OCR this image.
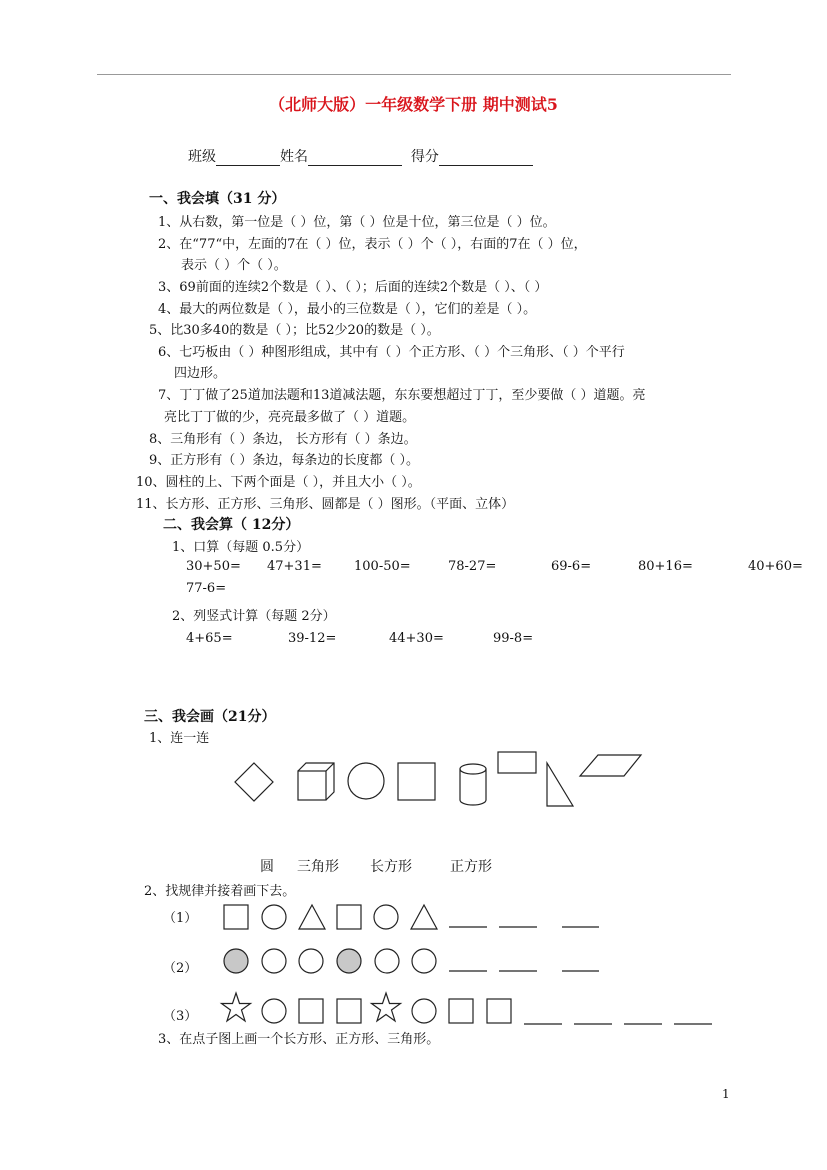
（北师大版）一年级数学下册 期中测试5
班级	姓名	得分
一、我会填（31 分）
1、从右数，第一位是（ ）位，第（ ）位是十位，第三位是（ ）位。
2、在“77“中，左面的7在（ ）位，表示（ ）个（ ），右面的7在（ ）位，
表示（ ）个（ ）。
3、69前面的连续2个数是（ ）、（ ）；后面的连续2个数是（ ）、（ ）
4、最大的两位数是（ ），最小的三位数是（ ），它们的差是（ ）。
5、比30多40的数是（ ）；比52少20的数是（ ）。
6、七巧板由（ ）种图形组成，其中有（ ）个正方形、（ ）个三角形、（ ）个平行
四边形。
7、丁丁做了25道加法题和13道减法题，东东要想超过丁丁，至少要做（ ）道题。亮
亮比丁丁做的少，亮亮最多做了（ ）道题。
8、三角形有（ ）条边， 长方形有（ ）条边。
9、正方形有（ ）条边，每条边的长度都（ ）。
10、圆柱的上、下两个面是（ ），并且大小（ ）。
11、长方形、正方形、三角形、圆都是（ ）图形。（平面、立体）
二、我会算（ 12分）
1、口算（每题 0.5分）
30+50= 47+31= 100-50=	78-27=	69-6=	80+16=	40+60=
77-6=
2、列竖式计算（每题 2分）
4+65=	39-12=	44+30=	99-8=
三、我会画（21分）
1、连一连
圆 三角形 长方形	正方形
2、找规律并接着画下去。
（1）
（2）
（3）
3、在点子图上画一个长方形、正方形、三角形。
1
